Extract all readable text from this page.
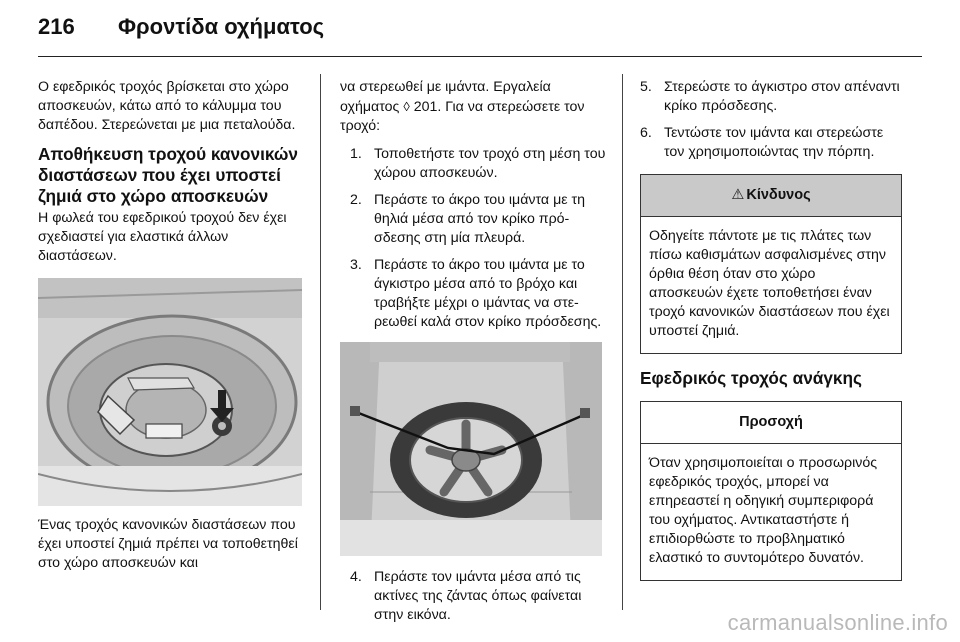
216 Φροντίδα οχήματος

Ο εφεδρικός τροχός βρίσκεται στο χώρο αποσκευών, κάτω από το κάλυμμα του δαπέδου. Στερεώνεται με μια πεταλούδα.

Αποθήκευση τροχού κανονικών διαστάσεων που έχει υποστεί ζημιά στο χώρο αποσκευών

Η φωλεά του εφεδρικού τροχού δεν έχει σχεδιαστεί για ελαστικά άλλων διαστάσεων.

Ένας τροχός κανονικών διαστάσεων που έχει υποστεί ζημιά πρέπει να τοποθετηθεί στο χώρο αποσκευών και

να στερεωθεί με ιμάντα. Εργαλεία οχήματος ◊ 201. Για να στερεώσετε τον τροχό:

1. Τοποθετήστε τον τροχό στη μέση του χώρου αποσκευών.
2. Περάστε το άκρο του ιμάντα με τη θηλιά μέσα από τον κρίκο πρόσδεσης στη μία πλευρά.
3. Περάστε το άκρο του ιμάντα με το άγκιστρο μέσα από το βρόχο και τραβήξτε μέχρι ο ιμάντας να στερεωθεί καλά στον κρίκο πρόσδεσης.
4. Περάστε τον ιμάντα μέσα από τις ακτίνες της ζάντας όπως φαίνεται στην εικόνα.
5. Στερεώστε το άγκιστρο στον απέναντι κρίκο πρόσδεσης.
6. Τεντώστε τον ιμάντα και στερεώστε τον χρησιμοποιώντας την πόρπη.
⚠ Κίνδυνος
Οδηγείτε πάντοτε με τις πλάτες των πίσω καθισμάτων ασφαλισμένες στην όρθια θέση όταν στο χώρο αποσκευών έχετε τοποθετήσει έναν τροχό κανονικών διαστάσεων που έχει υποστεί ζημιά.
Εφεδρικός τροχός ανάγκης
Προσοχή
Όταν χρησιμοποιείται ο προσωρινός εφεδρικός τροχός, μπορεί να επηρεαστεί η οδηγική συμπεριφορά του οχήματος. Αντικαταστήστε ή επιδιορθώστε το προβληματικό ελαστικό το συντομότερο δυνατόν.
carmanualsonline.info
